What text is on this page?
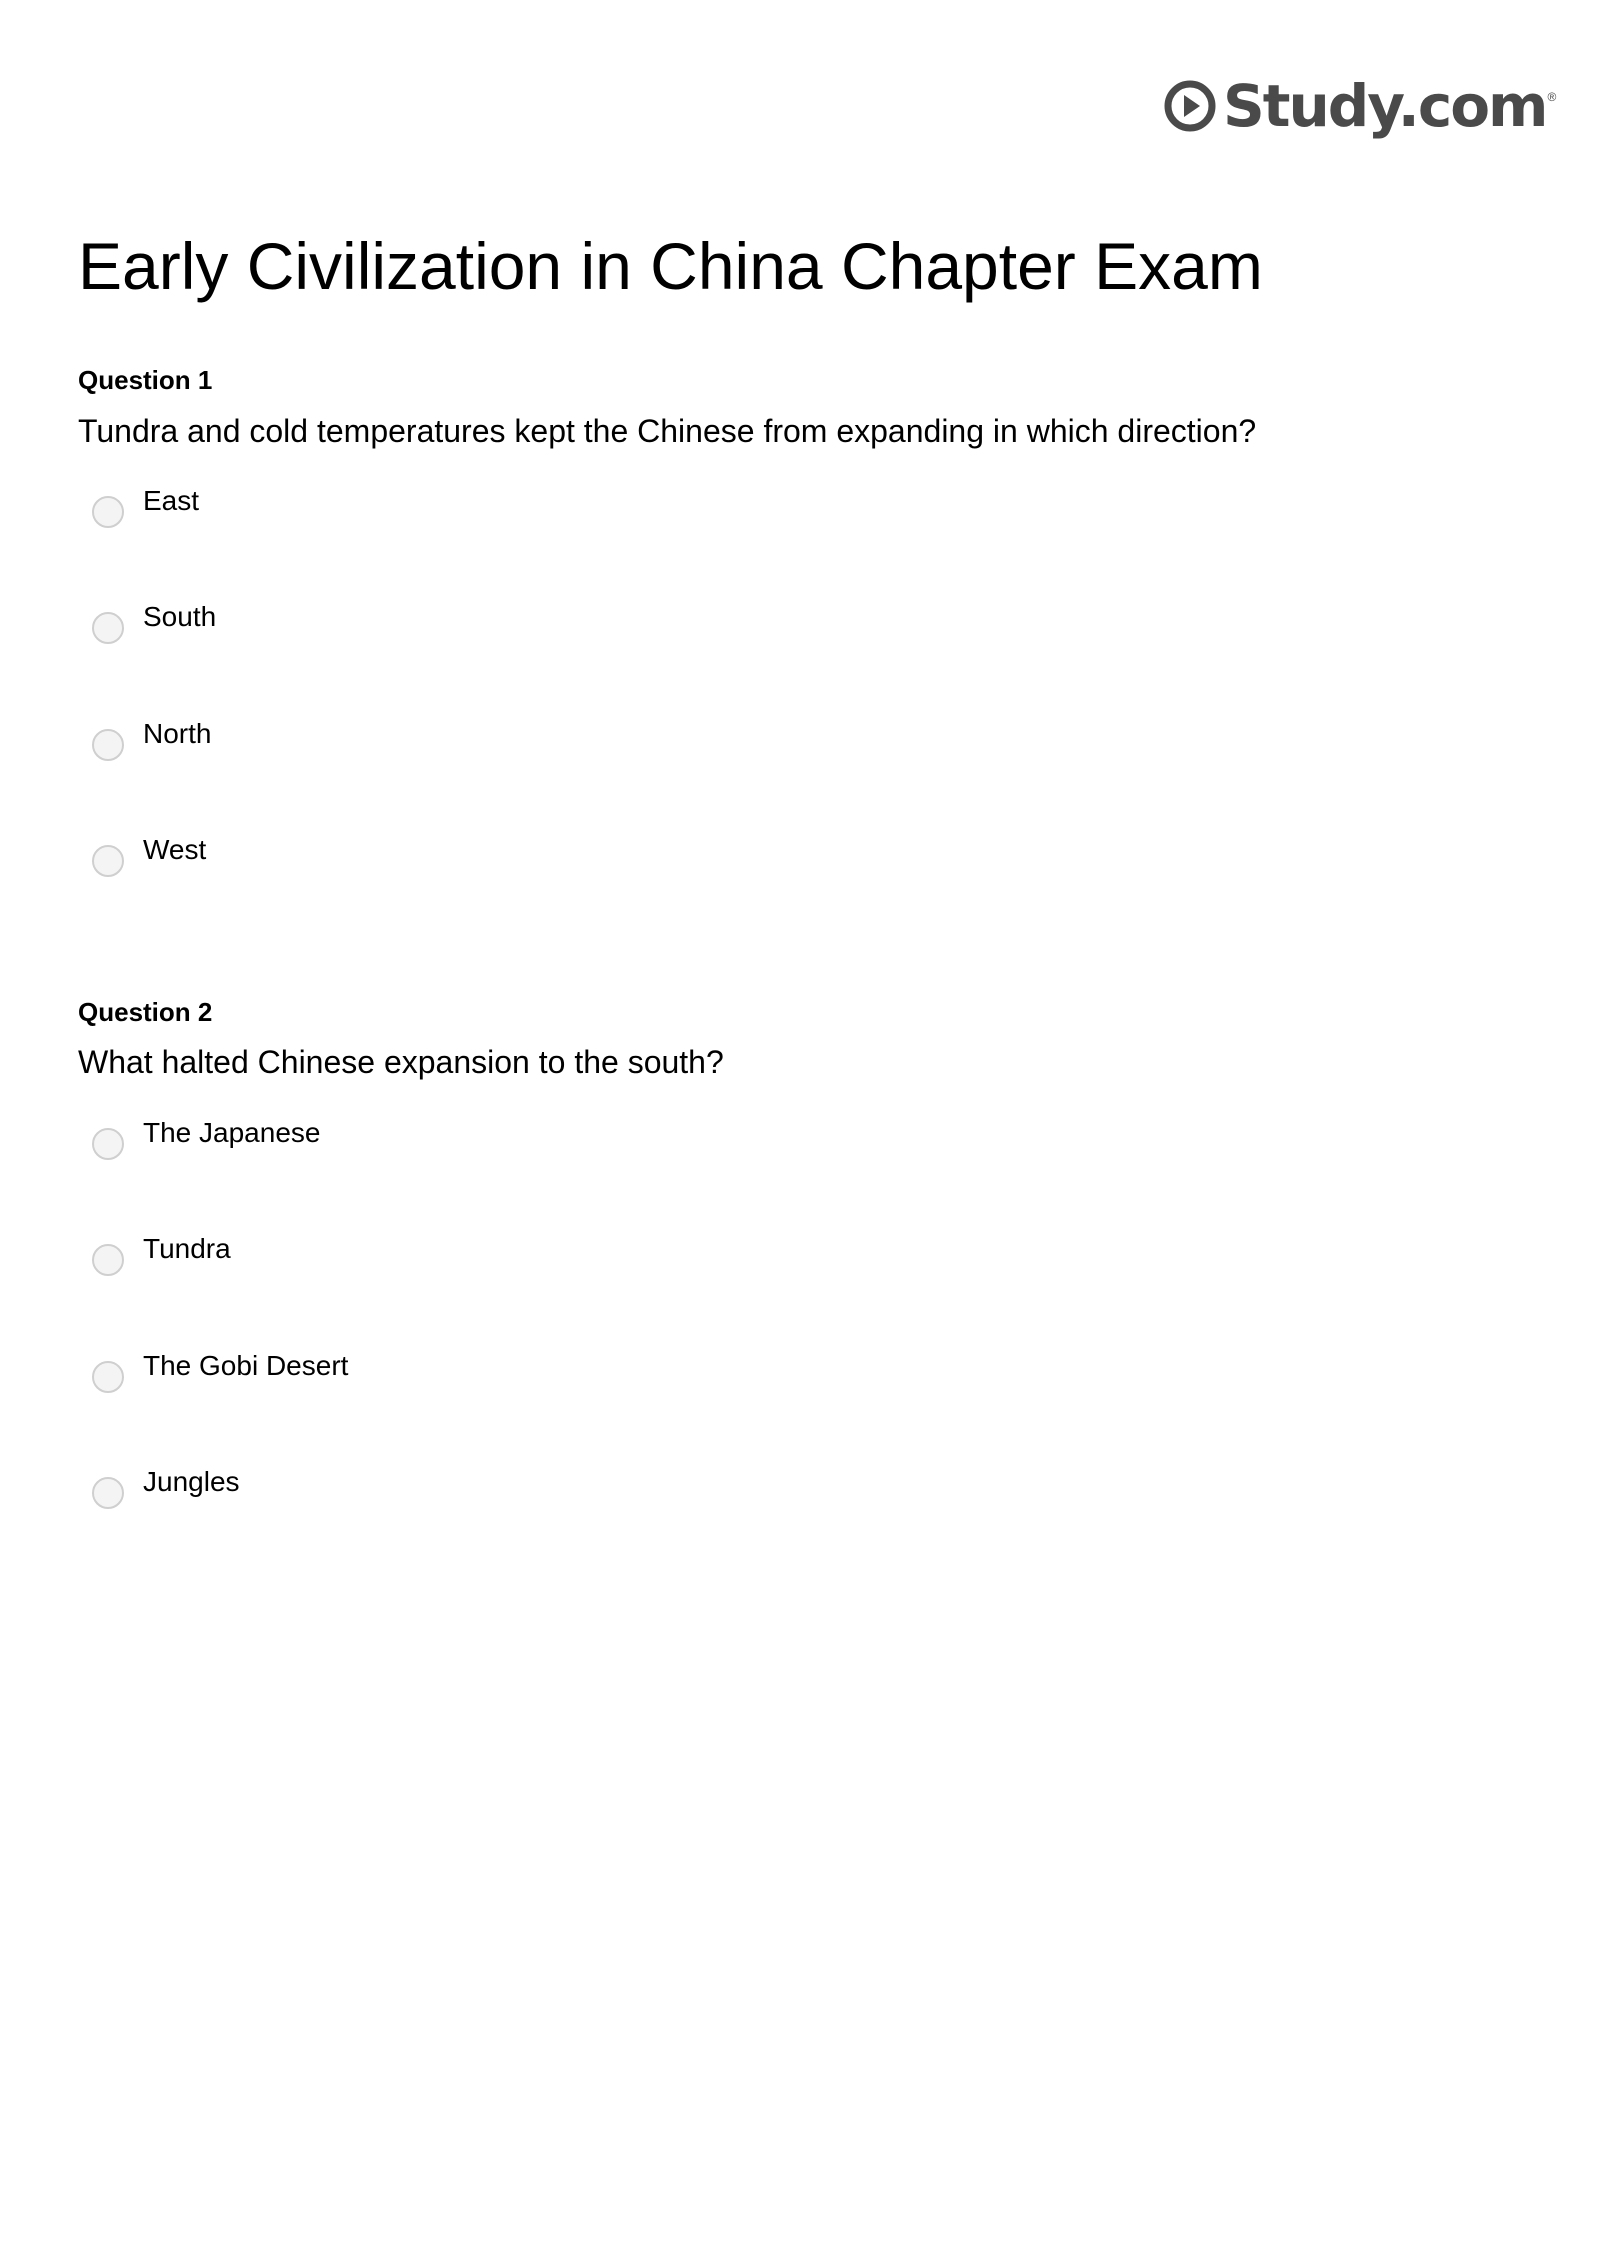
Study.com ®
Early Civilization in China Chapter Exam
Question 1
Tundra and cold temperatures kept the Chinese from expanding in which direction?
East
South
North
West
Question 2
What halted Chinese expansion to the south?
The Japanese
Tundra
The Gobi Desert
Jungles
